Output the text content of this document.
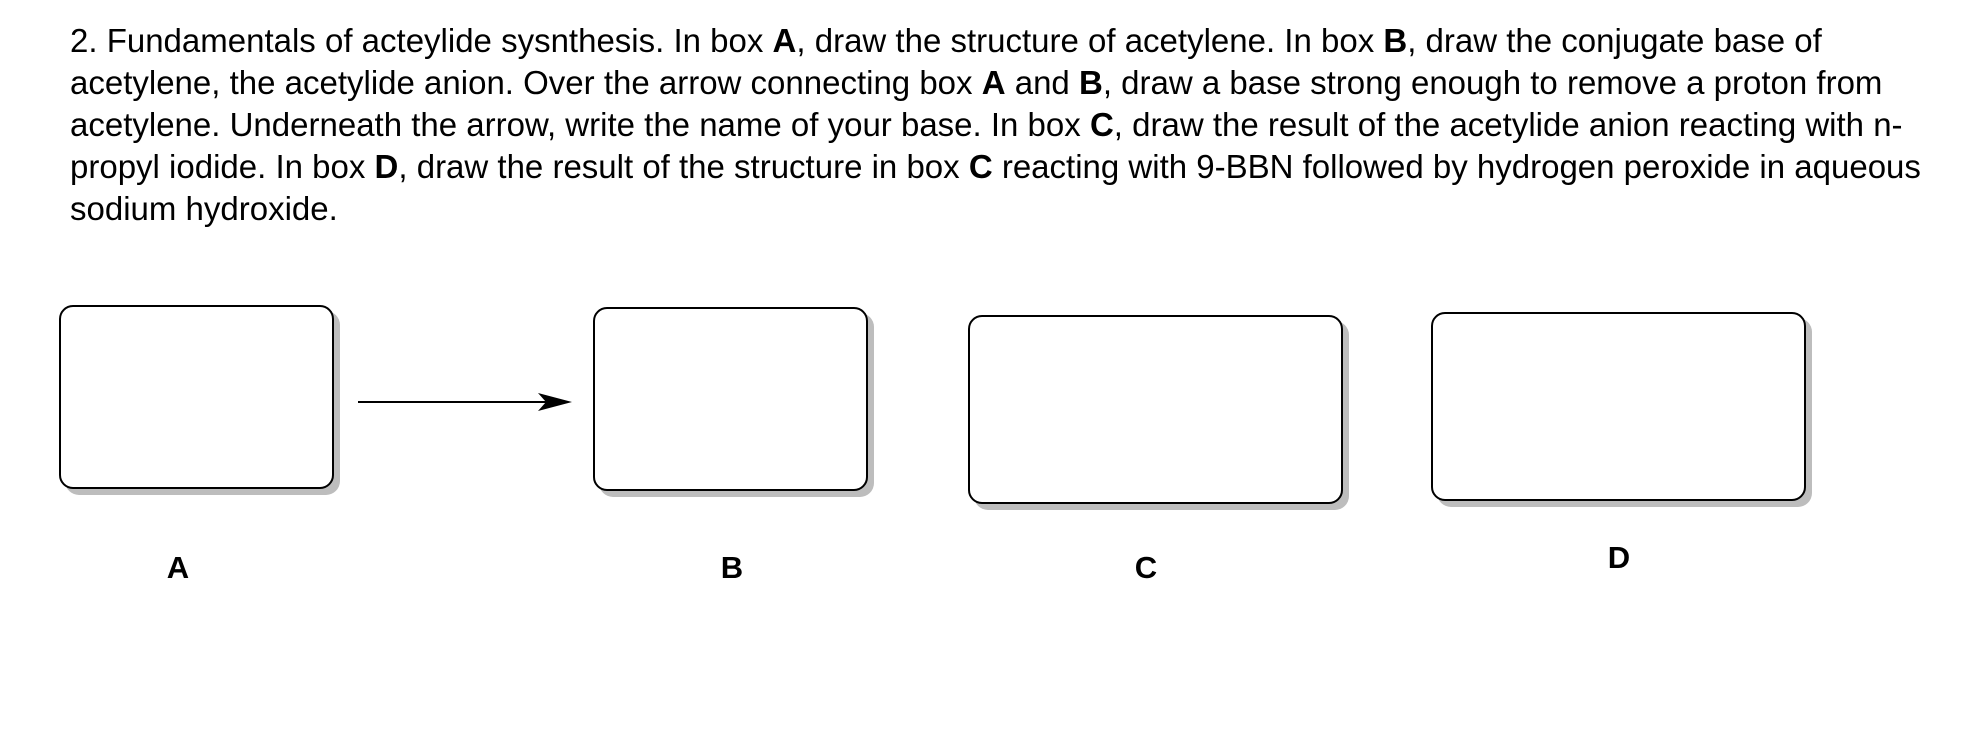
2. Fundamentals of acteylide sysnthesis. In box A, draw the structure of acetylene. In box B, draw the conjugate base of acetylene, the acetylide anion. Over the arrow connecting box A and B, draw a base strong enough to remove a proton from acetylene. Underneath the arrow, write the name of your base. In box C, draw the result of the acetylide anion reacting with n-propyl iodide. In box D, draw the result of the structure in box C reacting with 9-BBN followed by hydrogen peroxide in aqueous sodium hydroxide.

A	B	C	D
